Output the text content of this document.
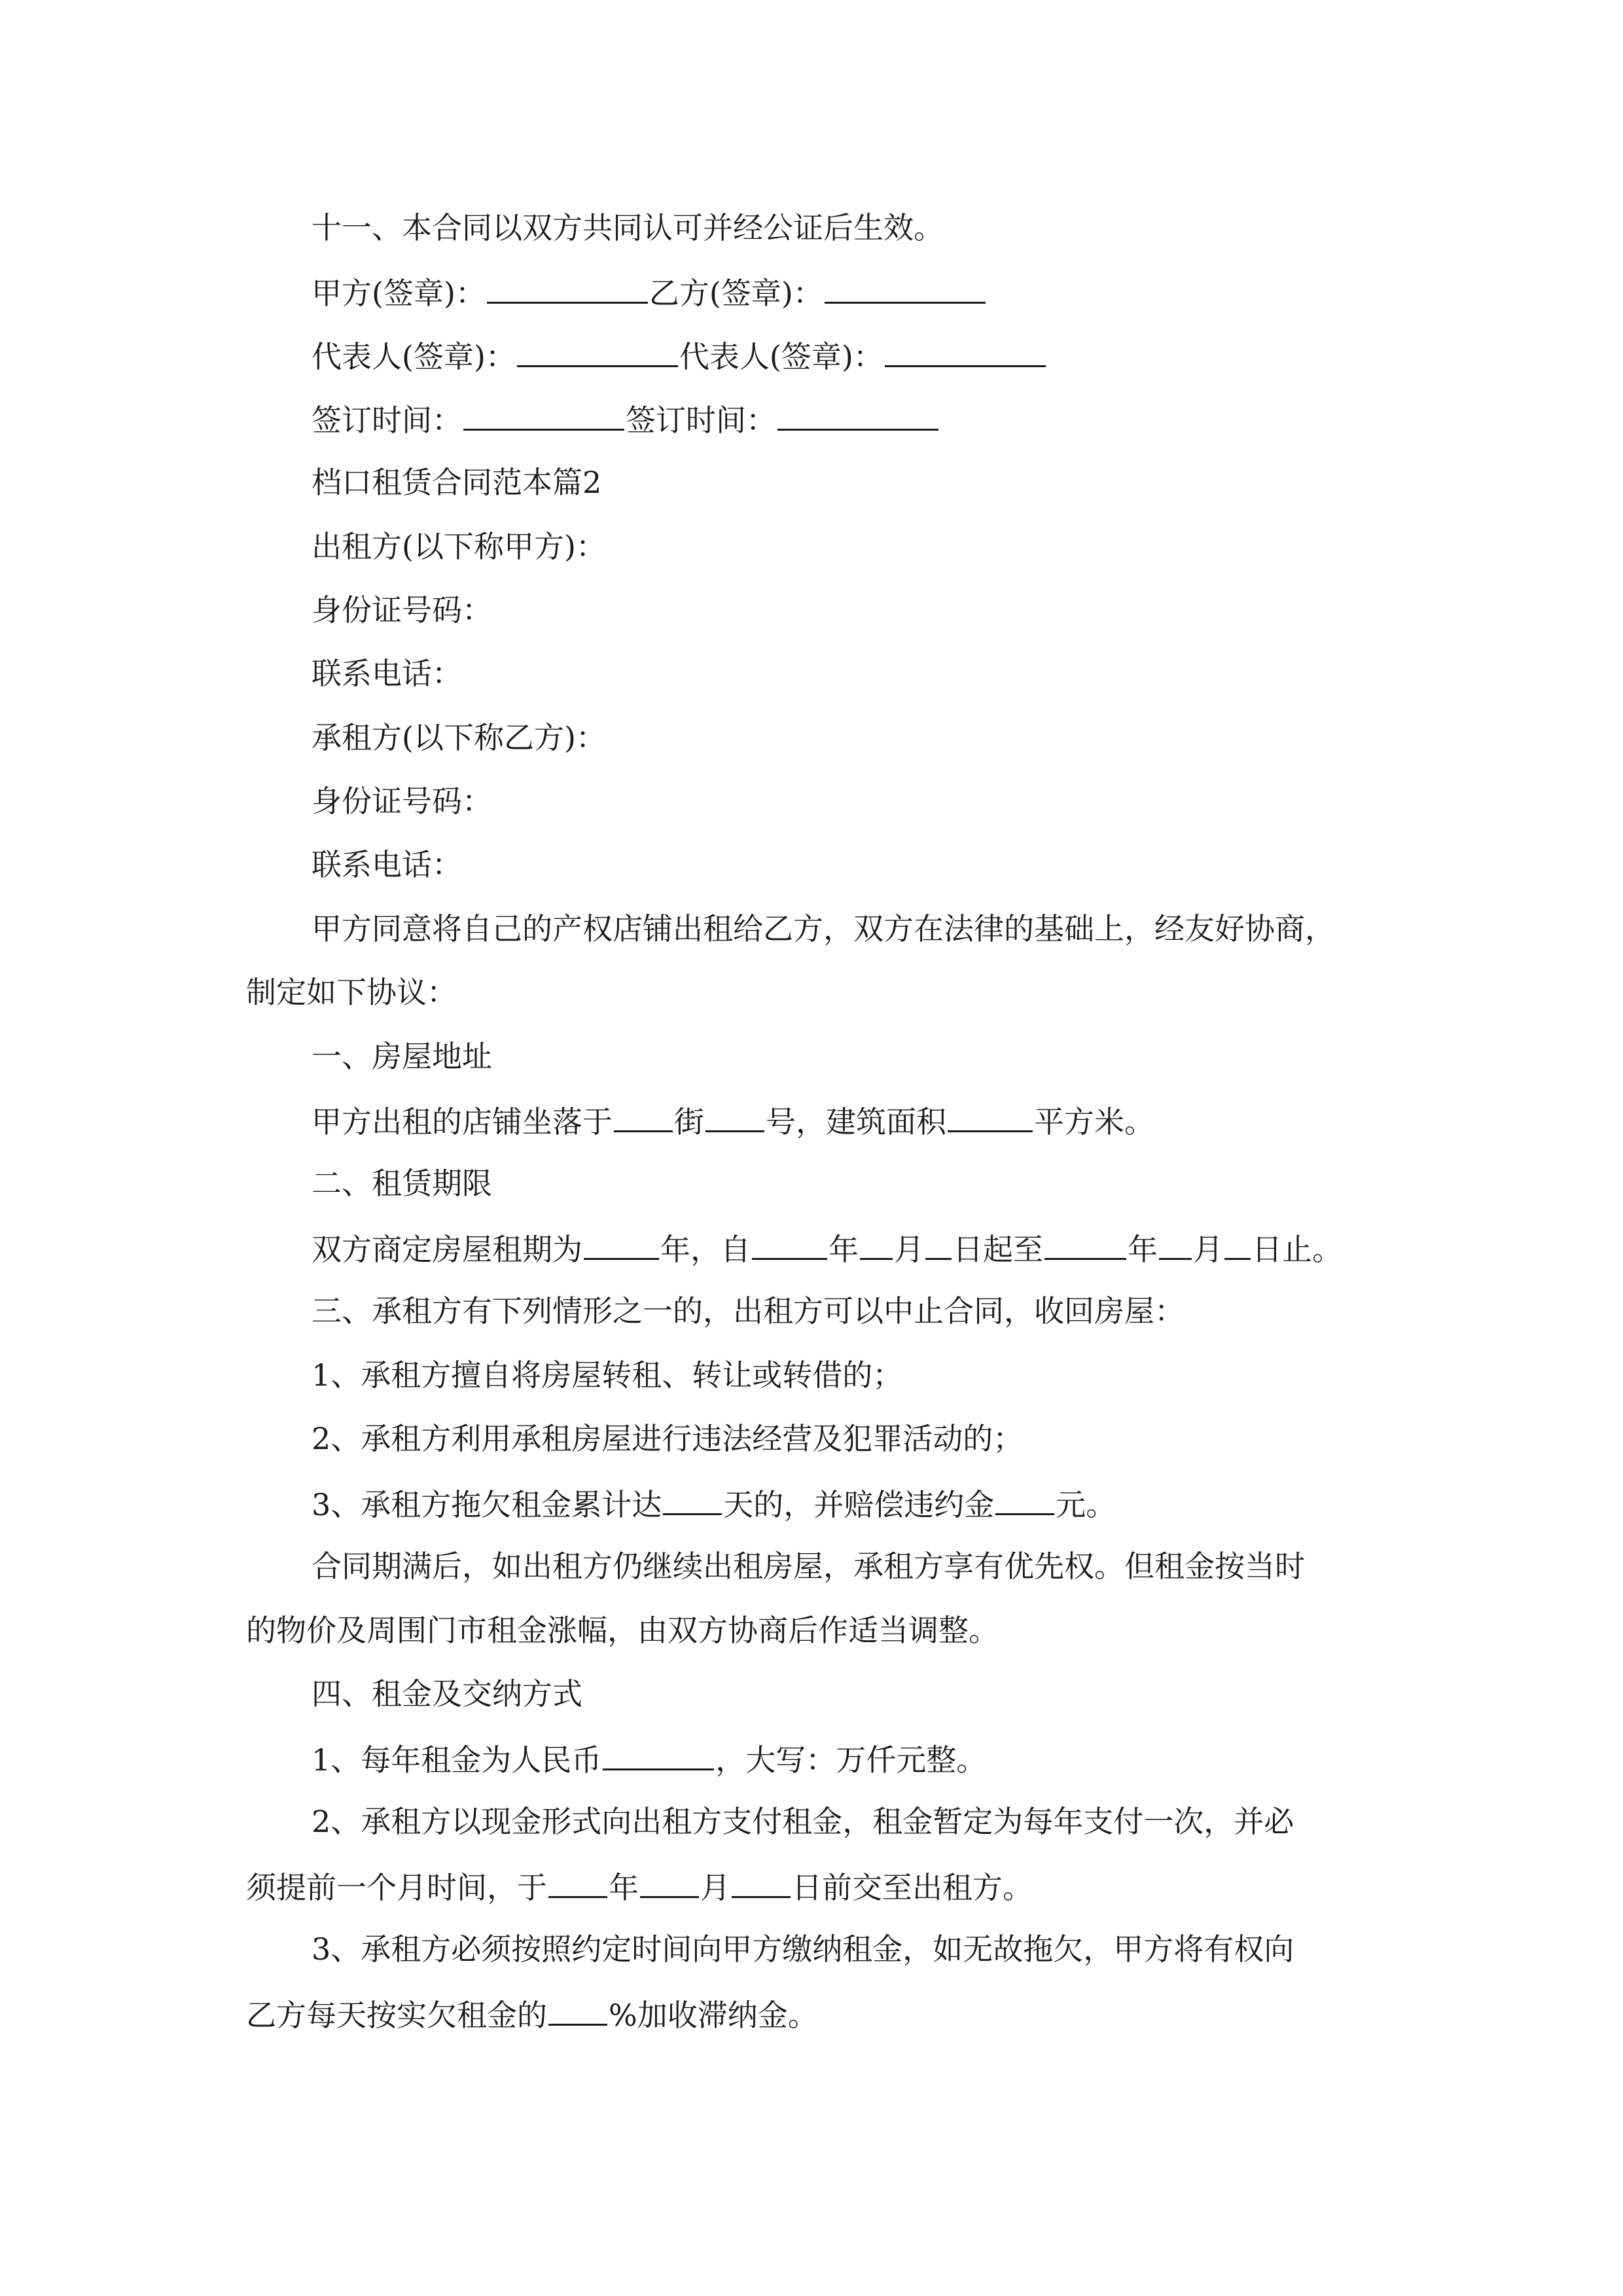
十一、本合同以双方共同认可并经公证后生效。
甲方(签章)：	乙方(签章)：
代表人(签章)：	代表人(签章)：
签订时间：	签订时间：
档口租赁合同范本篇2
出租方(以下称甲方)：
身份证号码：
联系电话：
承租方(以下称乙方)：
身份证号码：
联系电话：
甲方同意将自己的产权店铺出租给乙方，双方在法律的基础上，经友好协商，
制定如下协议：
一、房屋地址
甲方出租的店铺坐落于 街 号，建筑面积	平方米。
二、租赁期限
双方商定房屋租期为	年，自	年 月 日起至	年 月 日止。
三、承租方有下列情形之一的，出租方可以中止合同，收回房屋：
1、承租方擅自将房屋转租、转让或转借的；
2、承租方利用承租房屋进行违法经营及犯罪活动的；
3、承租方拖欠租金累计达 天的，并赔偿违约金 元。
合同期满后，如出租方仍继续出租房屋，承租方享有优先权。但租金按当时
的物价及周围门市租金涨幅，由双方协商后作适当调整。
四、租金及交纳方式
1、每年租金为人民币	，大写：万仟元整。
2、承租方以现金形式向出租方支付租金，租金暂定为每年支付一次，并必
须提前一个月时间，于 年 月 日前交至出租方。
3、承租方必须按照约定时间向甲方缴纳租金，如无故拖欠，甲方将有权向
乙方每天按实欠租金的 %加收滞纳金。
